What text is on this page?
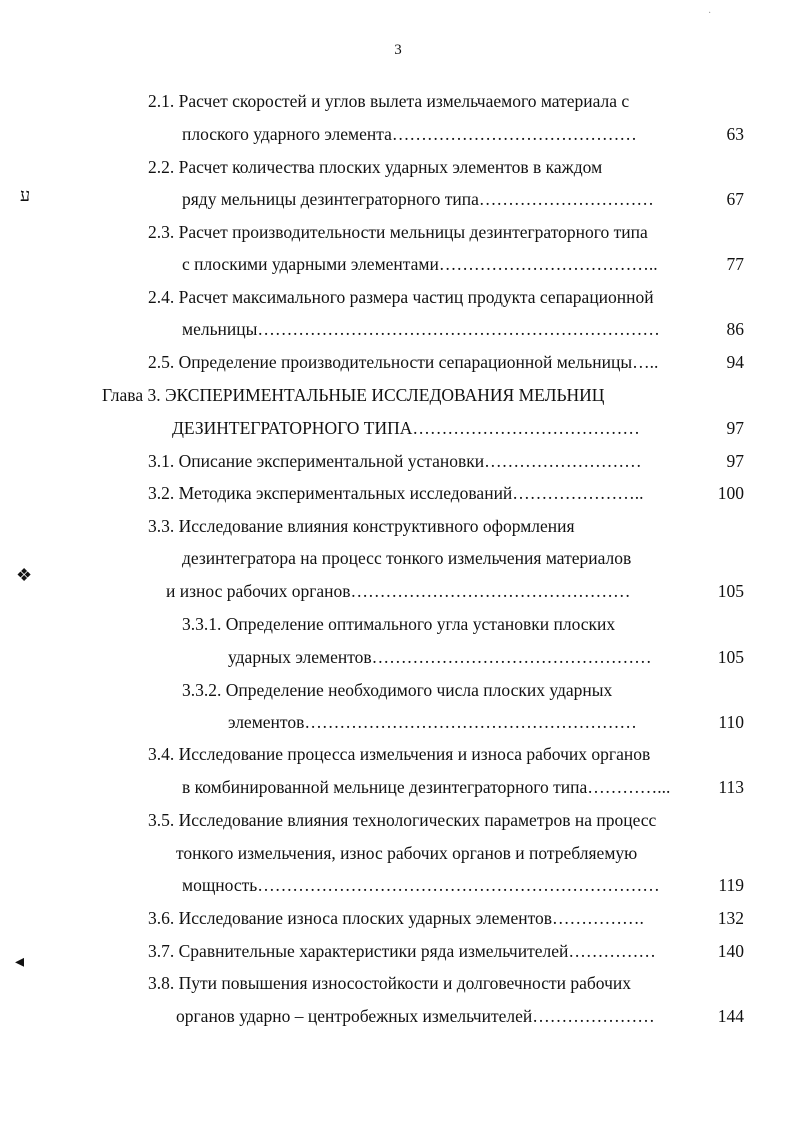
3
·
ע
❖
◂
2.1. Расчет скоростей и углов вылета измельчаемого материала с
плоского ударного элемента……………………………………	63
2.2. Расчет количества плоских ударных элементов в каждом
ряду мельницы дезинтеграторного типа…………………………	67
2.3. Расчет производительности мельницы дезинтеграторного типа
с плоскими ударными элементами………………………………..	77
2.4. Расчет максимального размера частиц продукта сепарационной
мельницы……………………………………………………………	86
2.5. Определение производительности сепарационной мельницы…..	94
Глава 3. ЭКСПЕРИМЕНТАЛЬНЫЕ ИССЛЕДОВАНИЯ МЕЛЬНИЦ
ДЕЗИНТЕГРАТОРНОГО ТИПА…………………………………	97
3.1. Описание экспериментальной установки………………………	97
3.2. Методика экспериментальных исследований…………………..	100
3.3. Исследование влияния конструктивного оформления
дезинтегратора на процесс тонкого измельчения материалов
и износ рабочих органов…………………………………………	105
3.3.1. Определение оптимального угла установки плоских
ударных элементов…………………………………………	105
3.3.2. Определение необходимого числа плоских ударных
элементов…………………………………………………	110
3.4. Исследование процесса измельчения и износа рабочих органов
в комбинированной мельнице дезинтеграторного типа…………...	113
3.5. Исследование влияния технологических параметров на процесс
тонкого измельчения, износ рабочих органов и потребляемую
мощность……………………………………………………………	119
3.6. Исследование износа плоских ударных элементов…………….	132
3.7. Сравнительные характеристики ряда измельчителей……………	140
3.8. Пути повышения износостойкости и долговечности рабочих
органов ударно – центробежных измельчителей…………………	144
